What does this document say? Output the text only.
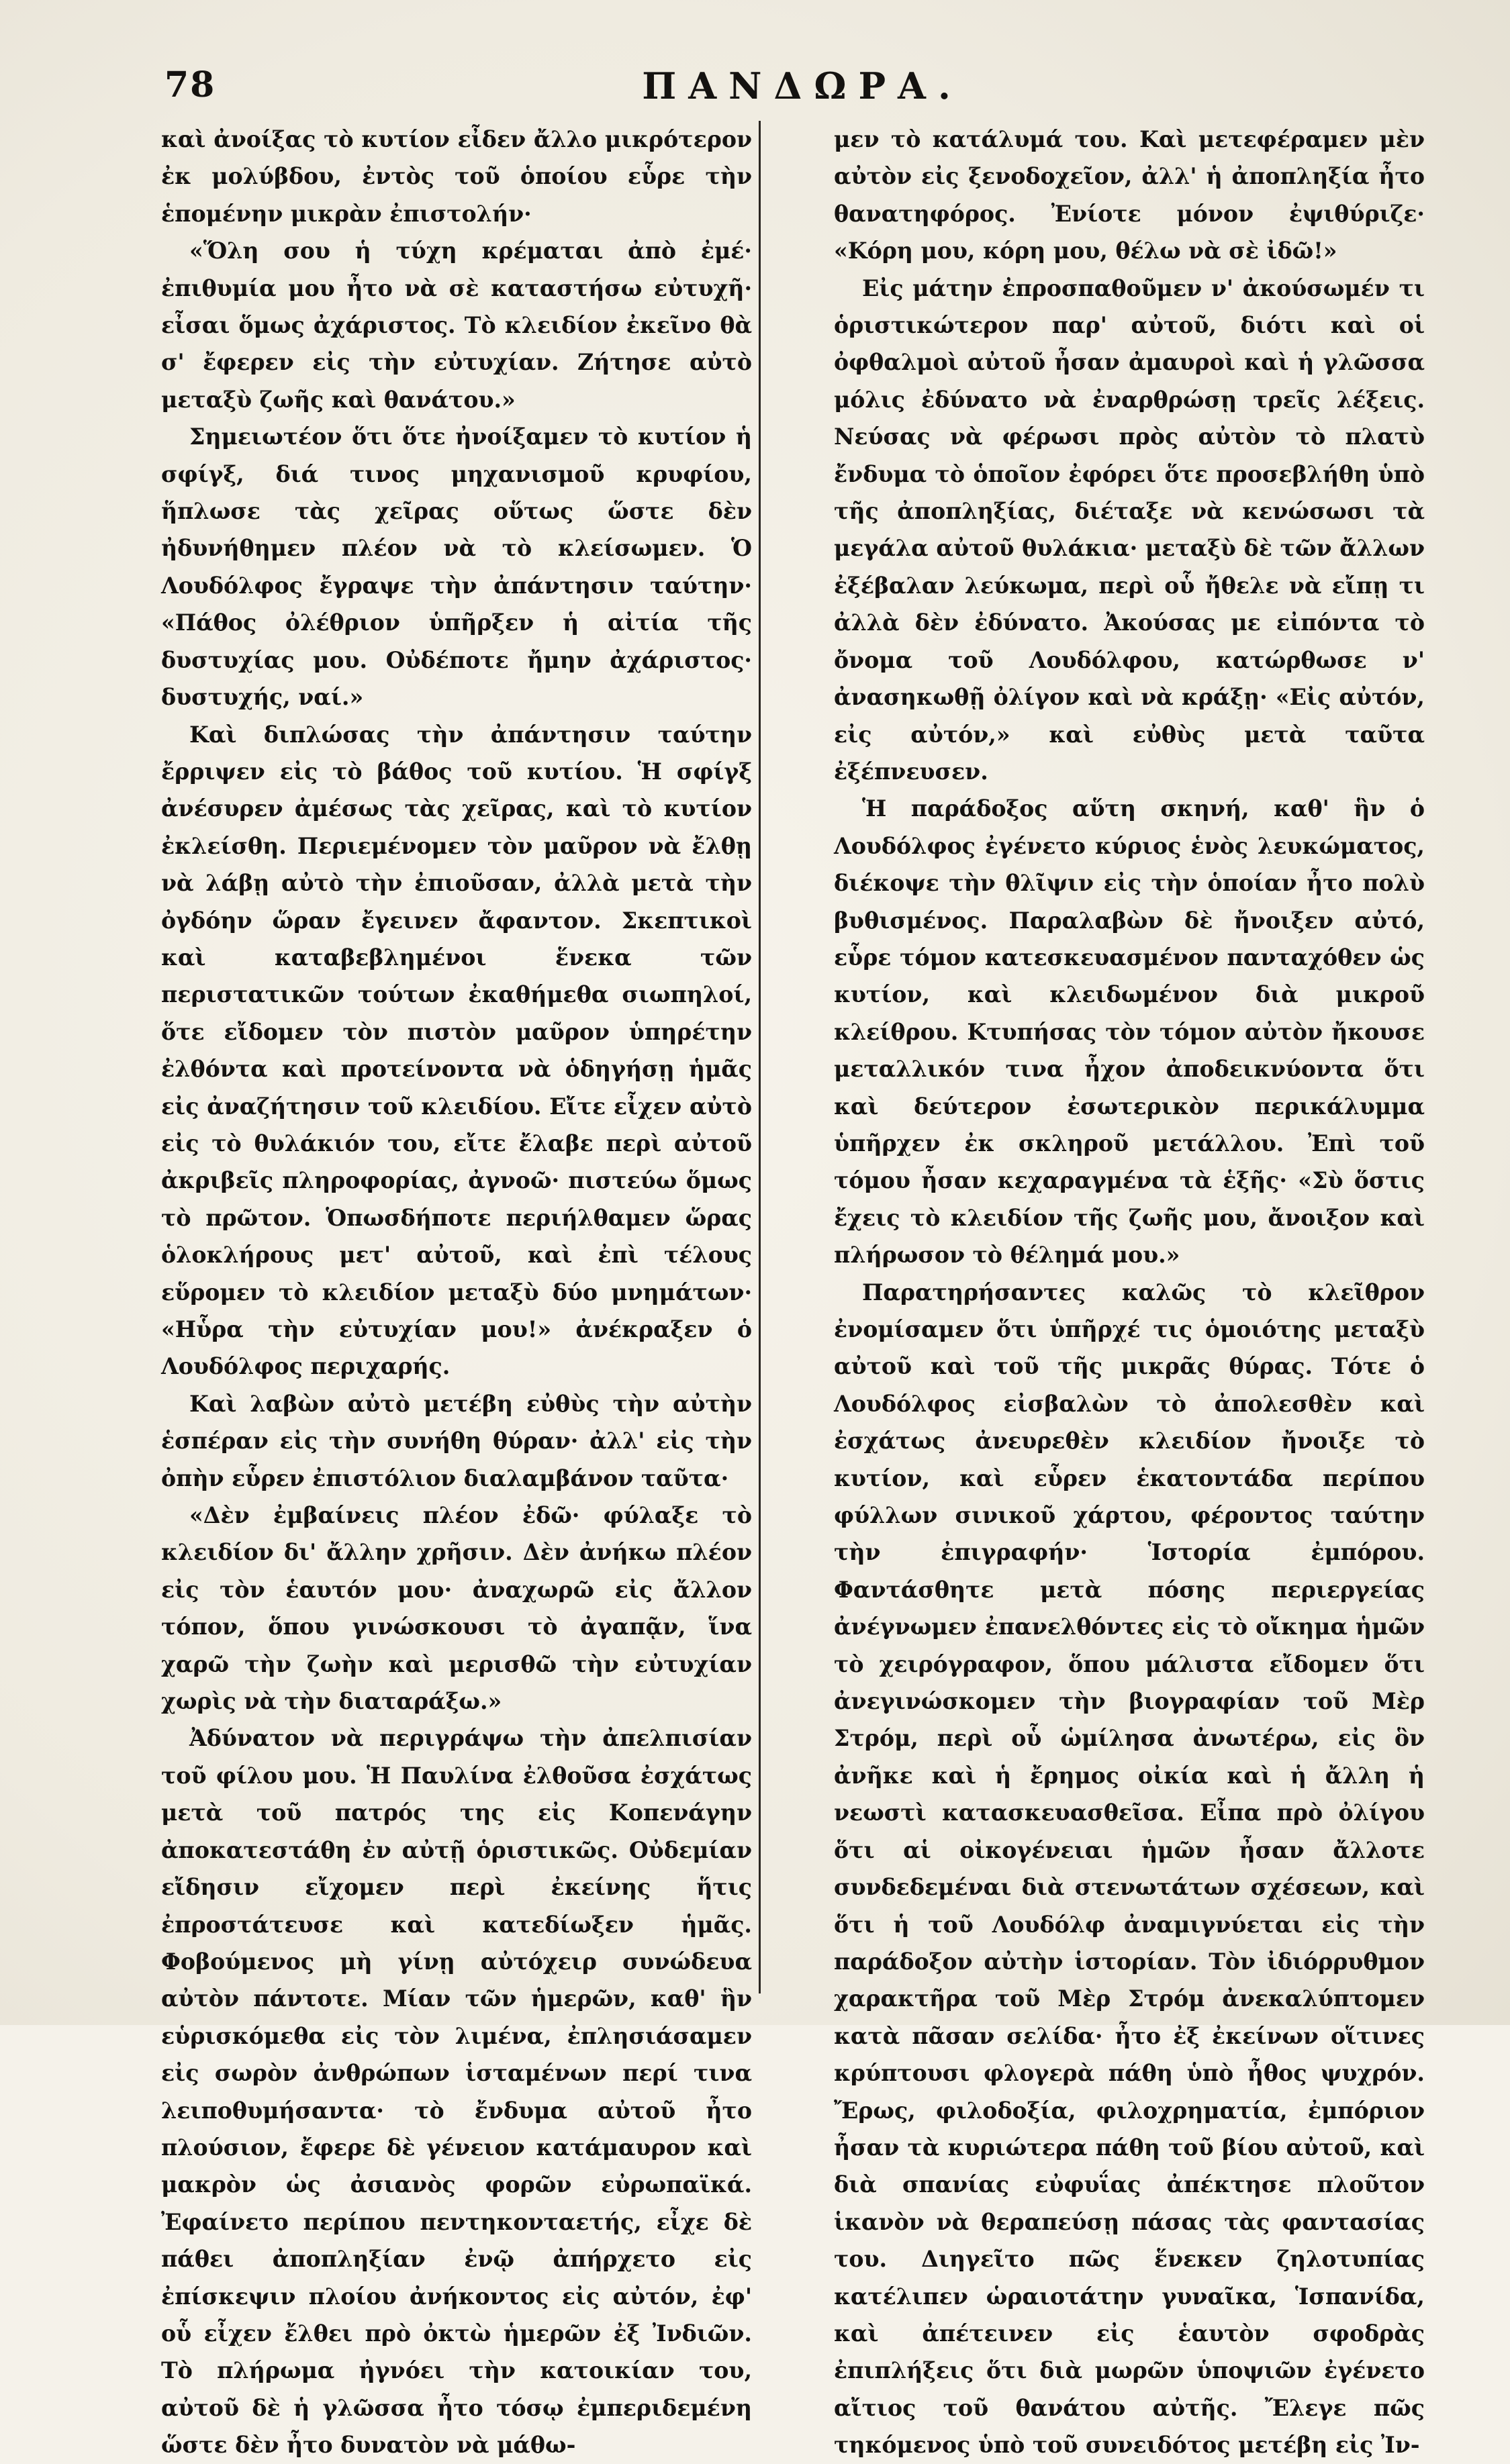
78	ΠΑΝΔΩΡΑ.

καὶ ἀνοίξας τὸ κυτίον εἶδεν ἄλλο μικρότερον ἐκ μολύβδου, ἐντὸς τοῦ ὁποίου εὗρε τὴν ἑπομένην μικρὰν ἐπιστολήν·

«Ὅλη σου ἡ τύχη κρέμαται ἀπὸ ἐμέ· ἐπιθυμία μου ἦτο νὰ σὲ καταστήσω εὐτυχῆ· εἶσαι ὅμως ἀχάριστος. Τὸ κλειδίον ἐκεῖνο θὰ σ' ἔφερεν εἰς τὴν εὐτυχίαν. Ζήτησε αὐτὸ μεταξὺ ζωῆς καὶ θανάτου.»

Σημειωτέον ὅτι ὅτε ἠνοίξαμεν τὸ κυτίον ἡ σφίγξ, διά τινος μηχανισμοῦ κρυφίου, ἥπλωσε τὰς χεῖρας οὕτως ὥστε δὲν ἠδυνήθημεν πλέον νὰ τὸ κλείσωμεν. Ὁ Λουδόλφος ἔγραψε τὴν ἀπάντησιν ταύτην· «Πάθος ὀλέθριον ὑπῆρξεν ἡ αἰτία τῆς δυστυχίας μου. Οὐδέποτε ἤμην ἀχάριστος· δυστυχής, ναί.»

Καὶ διπλώσας τὴν ἀπάντησιν ταύτην ἔρριψεν εἰς τὸ βάθος τοῦ κυτίου. Ἡ σφίγξ ἀνέσυρεν ἀμέσως τὰς χεῖρας, καὶ τὸ κυτίον ἐκλείσθη. Περιεμένομεν τὸν μαῦρον νὰ ἔλθῃ νὰ λάβῃ αὐτὸ τὴν ἐπιοῦσαν, ἀλλὰ μετὰ τὴν ὀγδόην ὥραν ἔγεινεν ἄφαντον. Σκεπτικοὶ καὶ καταβεβλημένοι ἕνεκα τῶν περιστατικῶν τούτων ἐκαθήμεθα σιωπηλοί, ὅτε εἴδομεν τὸν πιστὸν μαῦρον ὑπηρέτην ἐλθόντα καὶ προτείνοντα νὰ ὁδηγήσῃ ἡμᾶς εἰς ἀναζήτησιν τοῦ κλειδίου. Εἴτε εἶχεν αὐτὸ εἰς τὸ θυλάκιόν του, εἴτε ἔλαβε περὶ αὐτοῦ ἀκριβεῖς πληροφορίας, ἀγνοῶ· πιστεύω ὅμως τὸ πρῶτον. Ὁπωσδήποτε περιήλθαμεν ὥρας ὁλοκλήρους μετ' αὐτοῦ, καὶ ἐπὶ τέλους εὕρομεν τὸ κλειδίον μεταξὺ δύο μνημάτων· «Ηὗρα τὴν εὐτυχίαν μου!» ἀνέκραξεν ὁ Λουδόλφος περιχαρής.

Καὶ λαβὼν αὐτὸ μετέβη εὐθὺς τὴν αὐτὴν ἑσπέραν εἰς τὴν συνήθη θύραν· ἀλλ' εἰς τὴν ὀπὴν εὗρεν ἐπιστόλιον διαλαμβάνον ταῦτα·

«Δὲν ἐμβαίνεις πλέον ἐδῶ· φύλαξε τὸ κλειδίον δι' ἄλλην χρῆσιν. Δὲν ἀνήκω πλέον εἰς τὸν ἑαυτόν μου· ἀναχωρῶ εἰς ἄλλον τόπον, ὅπου γινώσκουσι τὸ ἀγαπᾷν, ἵνα χαρῶ τὴν ζωὴν καὶ μερισθῶ τὴν εὐτυχίαν χωρὶς νὰ τὴν διαταράξω.»

Ἀδύνατον νὰ περιγράψω τὴν ἀπελπισίαν τοῦ φίλου μου. Ἡ Παυλίνα ἐλθοῦσα ἐσχάτως μετὰ τοῦ πατρός της εἰς Κοπενάγην ἀποκατεστάθη ἐν αὐτῇ ὁριστικῶς. Οὐδεμίαν εἴδησιν εἴχομεν περὶ ἐκείνης ἥτις ἐπροστάτευσε καὶ κατεδίωξεν ἡμᾶς. Φοβούμενος μὴ γίνῃ αὐτόχειρ συνώδευα αὐτὸν πάντοτε. Μίαν τῶν ἡμερῶν, καθ' ἣν εὑρισκόμεθα εἰς τὸν λιμένα, ἐπλησιάσαμεν εἰς σωρὸν ἀνθρώπων ἱσταμένων περί τινα λειποθυμήσαντα· τὸ ἔνδυμα αὐτοῦ ἦτο πλούσιον, ἔφερε δὲ γένειον κατάμαυρον καὶ μακρὸν ὡς ἀσιανὸς φορῶν εὐρωπαϊκά. Ἐφαίνετο περίπου πεντηκονταετής, εἶχε δὲ πάθει ἀποπληξίαν ἐνῷ ἀπήρχετο εἰς ἐπίσκεψιν πλοίου ἀνήκοντος εἰς αὐτόν, ἐφ' οὗ εἶχεν ἔλθει πρὸ ὀκτὼ ἡμερῶν ἐξ Ἰνδιῶν. Τὸ πλήρωμα ἠγνόει τὴν κατοικίαν του, αὐτοῦ δὲ ἡ γλῶσσα ἦτο τόσῳ ἐμπεριδεμένη ὥστε δὲν ἦτο δυνατὸν νὰ μάθω-

μεν τὸ κατάλυμά του. Καὶ μετεφέραμεν μὲν αὐτὸν εἰς ξενοδοχεῖον, ἀλλ' ἡ ἀποπληξία ἦτο θανατηφόρος. Ἐνίοτε μόνον ἐψιθύριζε· «Κόρη μου, κόρη μου, θέλω νὰ σὲ ἰδῶ!»

Εἰς μάτην ἐπροσπαθοῦμεν ν' ἀκούσωμέν τι ὁριστικώτερον παρ' αὐτοῦ, διότι καὶ οἱ ὀφθαλμοὶ αὐτοῦ ἦσαν ἀμαυροὶ καὶ ἡ γλῶσσα μόλις ἐδύνατο νὰ ἐναρθρώσῃ τρεῖς λέξεις. Νεύσας νὰ φέρωσι πρὸς αὐτὸν τὸ πλατὺ ἔνδυμα τὸ ὁποῖον ἐφόρει ὅτε προσεβλήθη ὑπὸ τῆς ἀποπληξίας, διέταξε νὰ κενώσωσι τὰ μεγάλα αὐτοῦ θυλάκια· μεταξὺ δὲ τῶν ἄλλων ἐξέβαλαν λεύκωμα, περὶ οὗ ἤθελε νὰ εἴπῃ τι ἀλλὰ δὲν ἐδύνατο. Ἀκούσας με εἰπόντα τὸ ὄνομα τοῦ Λουδόλφου, κατώρθωσε ν' ἀνασηκωθῇ ὀλίγον καὶ νὰ κράξῃ· «Εἰς αὐτόν, εἰς αὐτόν,» καὶ εὐθὺς μετὰ ταῦτα ἐξέπνευσεν.

Ἡ παράδοξος αὕτη σκηνή, καθ' ἣν ὁ Λουδόλφος ἐγένετο κύριος ἑνὸς λευκώματος, διέκοψε τὴν θλῖψιν εἰς τὴν ὁποίαν ἦτο πολὺ βυθισμένος. Παραλαβὼν δὲ ἤνοιξεν αὐτό, εὗρε τόμον κατεσκευασμένον πανταχόθεν ὡς κυτίον, καὶ κλειδωμένον διὰ μικροῦ κλείθρου. Κτυπήσας τὸν τόμον αὐτὸν ἤκουσε μεταλλικόν τινα ἦχον ἀποδεικνύοντα ὅτι καὶ δεύτερον ἐσωτερικὸν περικάλυμμα ὑπῆρχεν ἐκ σκληροῦ μετάλλου. Ἐπὶ τοῦ τόμου ἦσαν κεχαραγμένα τὰ ἑξῆς· «Σὺ ὅστις ἔχεις τὸ κλειδίον τῆς ζωῆς μου, ἄνοιξον καὶ πλήρωσον τὸ θέλημά μου.»

Παρατηρήσαντες καλῶς τὸ κλεῖθρον ἐνομίσαμεν ὅτι ὑπῆρχέ τις ὁμοιότης μεταξὺ αὐτοῦ καὶ τοῦ τῆς μικρᾶς θύρας. Τότε ὁ Λουδόλφος εἰσβαλὼν τὸ ἀπολεσθὲν καὶ ἐσχάτως ἀνευρεθὲν κλειδίον ἤνοιξε τὸ κυτίον, καὶ εὗρεν ἑκατοντάδα περίπου φύλλων σινικοῦ χάρτου, φέροντος ταύτην τὴν ἐπιγραφήν· Ἱστορία ἐμπόρου. Φαντάσθητε μετὰ πόσης περιεργείας ἀνέγνωμεν ἐπανελθόντες εἰς τὸ οἴκημα ἡμῶν τὸ χειρόγραφον, ὅπου μάλιστα εἴδομεν ὅτι ἀνεγινώσκομεν τὴν βιογραφίαν τοῦ Μὲρ Στρόμ, περὶ οὗ ὡμίλησα ἀνωτέρω, εἰς ὃν ἀνῆκε καὶ ἡ ἔρημος οἰκία καὶ ἡ ἄλλη ἡ νεωστὶ κατασκευασθεῖσα. Εἶπα πρὸ ὀλίγου ὅτι αἱ οἰκογένειαι ἡμῶν ἦσαν ἄλλοτε συνδεδεμέναι διὰ στενωτάτων σχέσεων, καὶ ὅτι ἡ τοῦ Λουδόλφ ἀναμιγνύεται εἰς τὴν παράδοξον αὐτὴν ἱστορίαν. Τὸν ἰδιόρρυθμον χαρακτῆρα τοῦ Μὲρ Στρόμ ἀνεκαλύπτομεν κατὰ πᾶσαν σελίδα· ἦτο ἐξ ἐκείνων οἵτινες κρύπτουσι φλογερὰ πάθη ὑπὸ ἦθος ψυχρόν. Ἔρως, φιλοδοξία, φιλοχρηματία, ἐμπόριον ἦσαν τὰ κυριώτερα πάθη τοῦ βίου αὐτοῦ, καὶ διὰ σπανίας εὐφυΐας ἀπέκτησε πλοῦτον ἱκανὸν νὰ θεραπεύσῃ πάσας τὰς φαντασίας του. Διηγεῖτο πῶς ἕνεκεν ζηλοτυπίας κατέλιπεν ὡραιοτάτην γυναῖκα, Ἱσπανίδα, καὶ ἀπέτεινεν εἰς ἑαυτὸν σφοδρὰς ἐπιπλήξεις ὅτι διὰ μωρῶν ὑποψιῶν ἐγένετο αἴτιος τοῦ θανάτου αὐτῆς. Ἔλεγε πῶς τηκόμενος ὑπὸ τοῦ συνειδότος μετέβη εἰς Ἰν-
